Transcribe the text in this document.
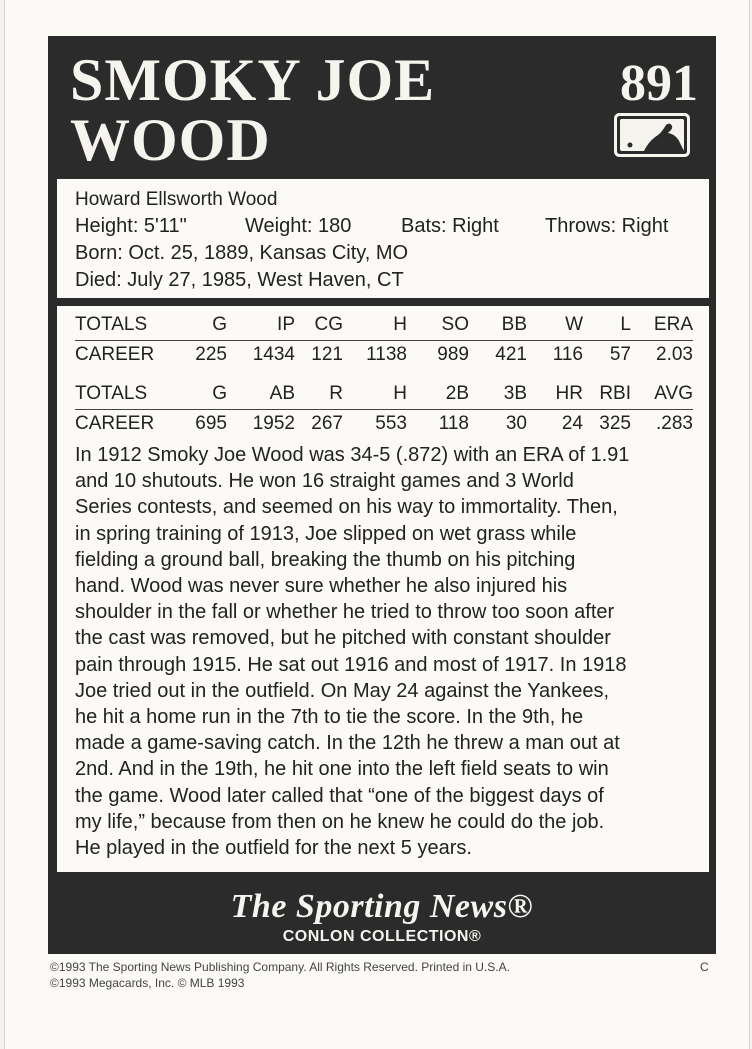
SMOKY JOE
WOOD
891
Howard Ellsworth Wood
Height: 5'11"	Weight: 180 Bats: Right Throws: Right
Born: Oct. 25, 1889, Kansas City, MO
Died: July 27, 1985, West Haven, CT
TOTALS	G	IP CG	H SO BB W L ERA
CAREER 225 1434 121 1138 989 421 116 57 2.03
TOTALS	G AB R	H 2B 3B HR RBI AVG
CAREER 695 1952 267 553 118 30 24 325 .283
In 1912 Smoky Joe Wood was 34-5 (.872) with an ERA of 1.91
and 10 shutouts. He won 16 straight games and 3 World
Series contests, and seemed on his way to immortality. Then,
in spring training of 1913, Joe slipped on wet grass while
fielding a ground ball, breaking the thumb on his pitching
hand. Wood was never sure whether he also injured his
shoulder in the fall or whether he tried to throw too soon after
the cast was removed, but he pitched with constant shoulder
pain through 1915. He sat out 1916 and most of 1917. In 1918
Joe tried out in the outfield. On May 24 against the Yankees,
he hit a home run in the 7th to tie the score. In the 9th, he
made a game-saving catch. In the 12th he threw a man out at
2nd. And in the 19th, he hit one into the left field seats to win
the game. Wood later called that “one of the biggest days of
my life,” because from then on he knew he could do the job.
He played in the outfield for the next 5 years.
The Sporting News®
CONLON COLLECTION®
©1993 The Sporting News Publishing Company. All Rights Reserved. Printed in U.S.A.
©1993 Megacards, Inc. © MLB 1993
C
